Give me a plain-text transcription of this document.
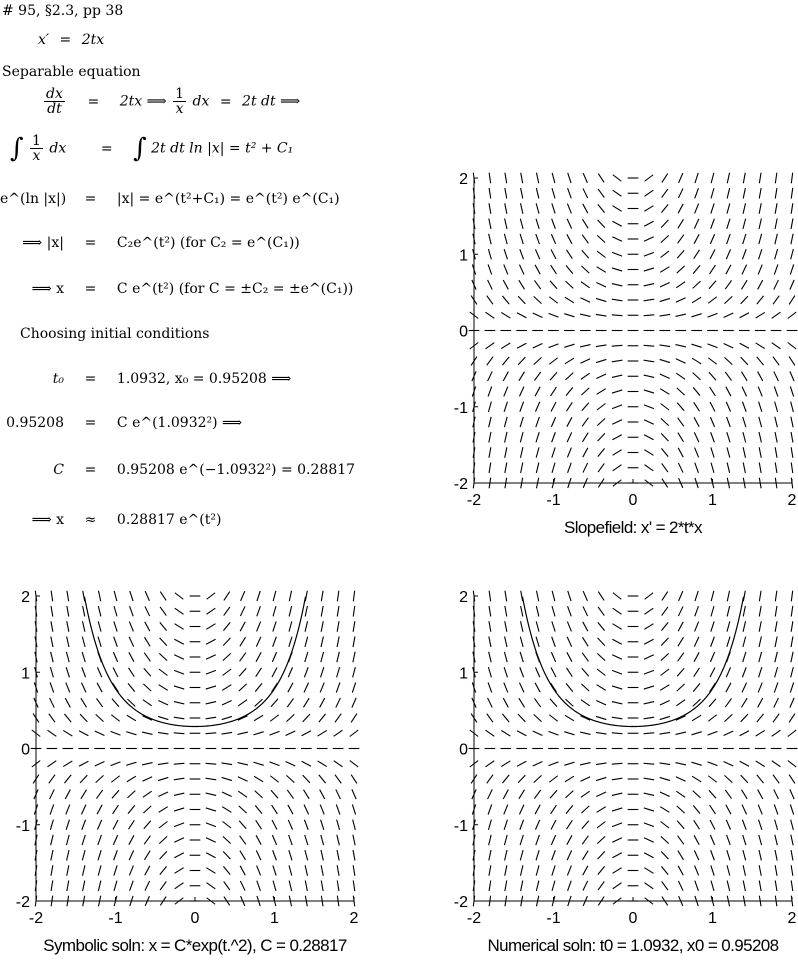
# 95, §2.3, pp 38
x′ = 2tx
Separable equation
$\frac{dx}{dt} = 2tx$ ⟹ $\frac{1}{x}$ dx = 2t dt ⟹
∫ $\frac{1}{x}$ dx = ∫ 2t dt ln |x| = t² + C₁
e^(ln |x|) = |x| = e^(t²+C₁) = e^(t²) e^(C₁)
⟹ |x| = C₂e^(t²) (for C₂ = e^(C₁))
⟹ x = C e^(t²) (for C = ±C₂ = ±e^(C₁))
Choosing initial conditions
t₀ = 1.0932, x₀ = 0.95208 ⟹
0.95208 = C e^(1.0932²) ⟹
C = 0.95208 e^(−1.0932²) = 0.28817
⟹ x ≈ 0.28817 e^(t²)
-2	-1	0	1	2
-2
-1
0
1
2
Slopefield: x' = 2*t*x
-2	-1	0	1	2
-2
-1
0
1
2
Symbolic soln: x = C*exp(t.^2), C = 0.28817
-2	-1	0	1	2
-2
-1
0
1
2
Numerical soln: t0 = 1.0932, x0 = 0.95208
